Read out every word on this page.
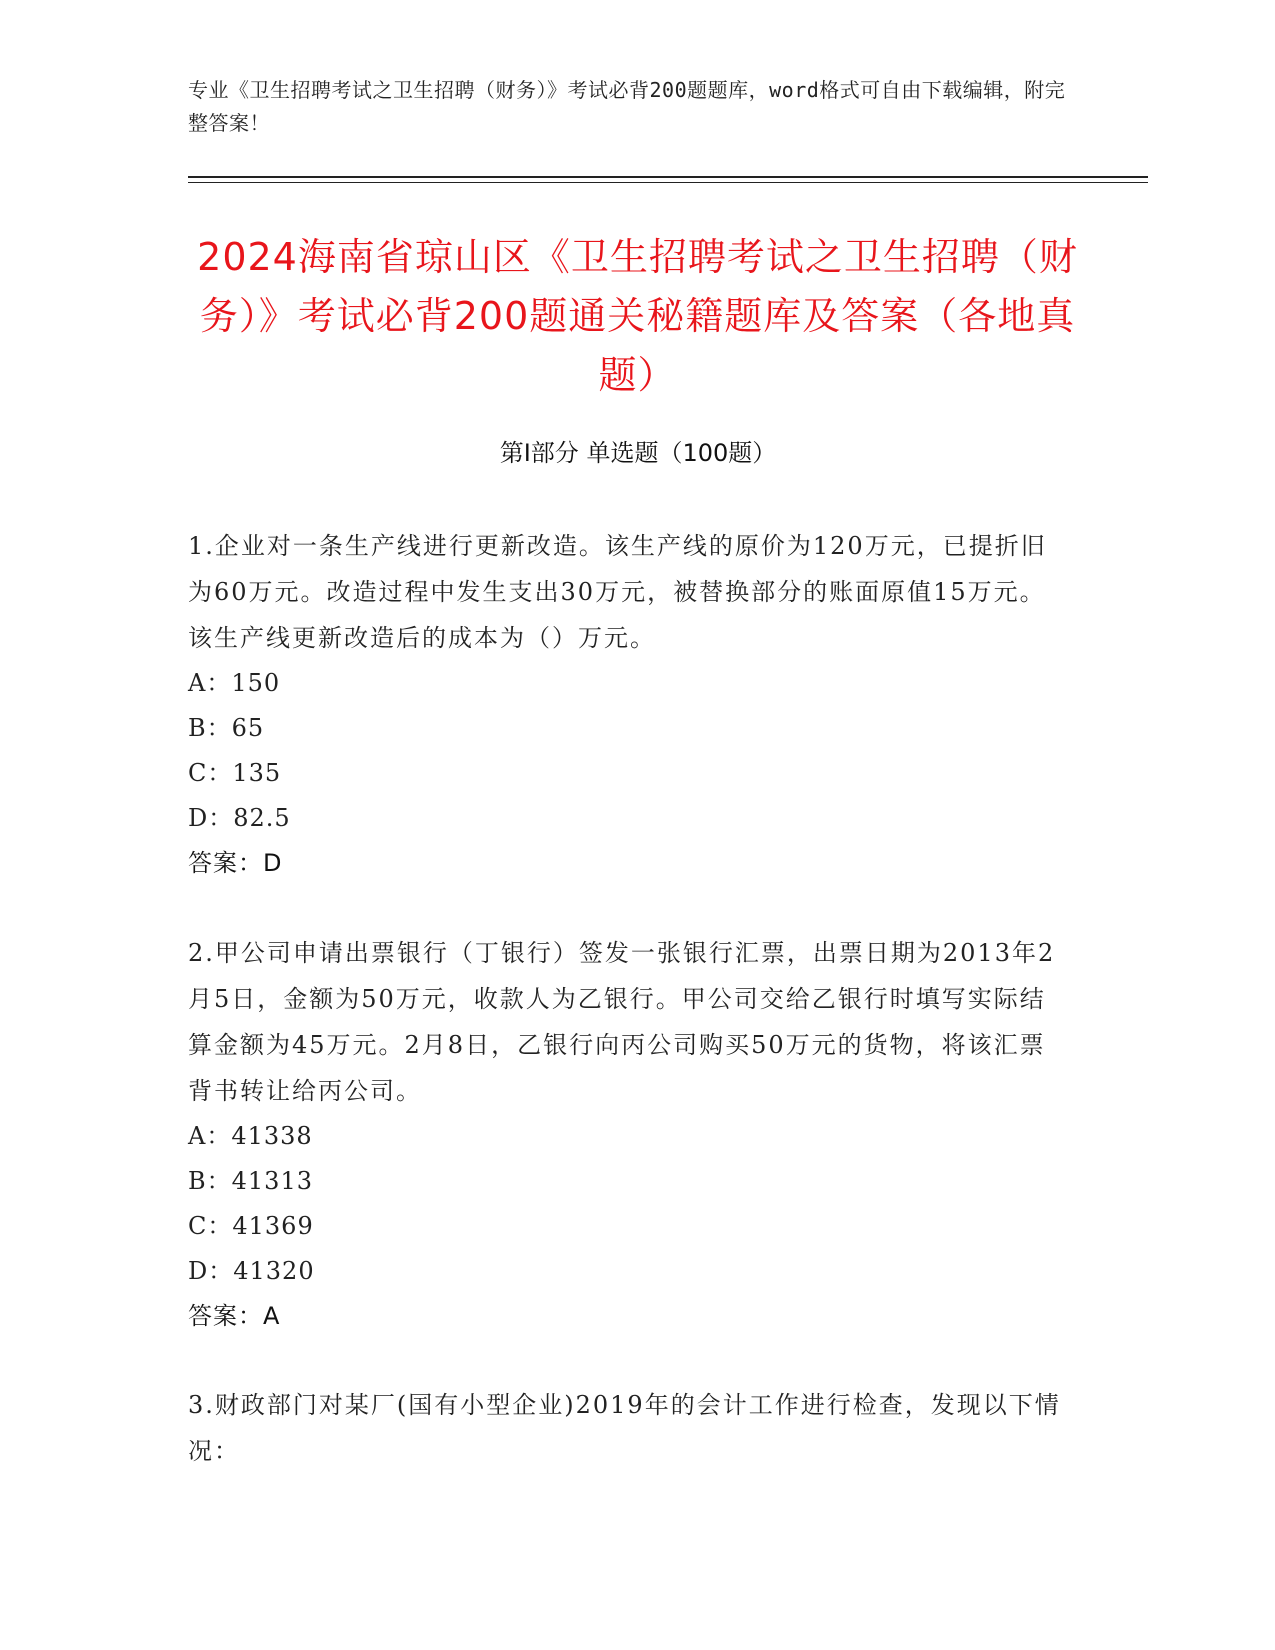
专业《卫生招聘考试之卫生招聘（财务）》考试必背200题题库，word格式可自由下载编辑，附完整答案！
2024海南省琼山区《卫生招聘考试之卫生招聘（财务）》考试必背200题通关秘籍题库及答案（各地真题）
第Ⅰ部分 单选题（100题）
1.企业对一条生产线进行更新改造。该生产线的原价为120万元，已提折旧为60万元。改造过程中发生支出30万元，被替换部分的账面原值15万元。该生产线更新改造后的成本为（）万元。
A：150
B：65
C：135
D：82.5
答案：D
2.甲公司申请出票银行（丁银行）签发一张银行汇票，出票日期为2013年2月5日，金额为50万元，收款人为乙银行。甲公司交给乙银行时填写实际结算金额为45万元。2月8日，乙银行向丙公司购买50万元的货物，将该汇票背书转让给丙公司。
A：41338
B：41313
C：41369
D：41320
答案：A
3.财政部门对某厂(国有小型企业)2019年的会计工作进行检查，发现以下情况：
